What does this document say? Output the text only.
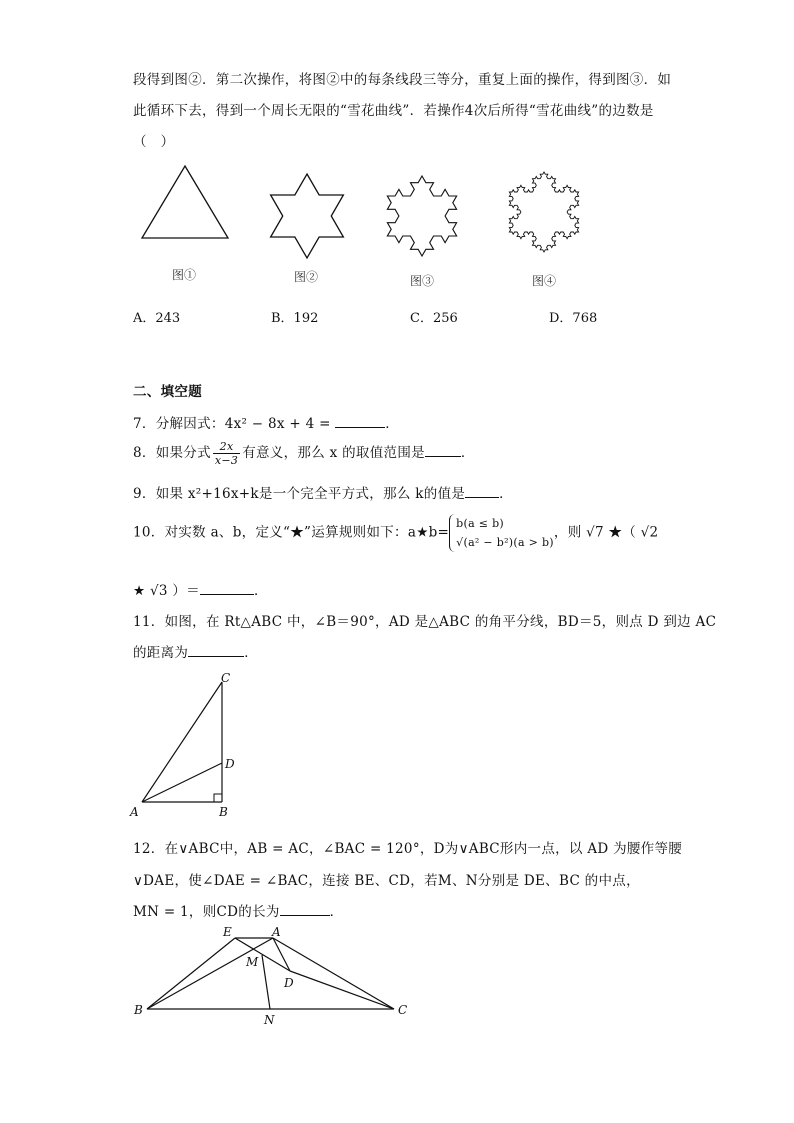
段得到图②．第二次操作，将图②中的每条线段三等分，重复上面的操作，得到图③．如
此循环下去，得到一个周长无限的“雪花曲线”．若操作4次后所得“雪花曲线”的边数是
（　）
图①	图②	图③	图④
A．243	B．192	C．256	D．768
二、填空题
7．分解因式：4x² − 8x + 4 =	．
8．如果分式 $\frac{2x}{x-3}$ 有意义，那么 x 的取值范围是	．
9．如果 x²+16x+k是一个完全平方式，那么 k的值是	．
10．对实数 a、b，定义“★”运算规则如下：a★b=
b(a ≤ b)
√(a² − b²)(a > b)
，则 √7 ★（ √2
★ √3 ）＝	．
11．如图，在 Rt△ABC 中，∠B＝90°，AD 是△ABC 的角平分线，BD＝5，则点 D 到边 AC
的距离为	．
A	B
C
D
12．在∨ABC中，AB = AC，∠BAC = 120°，D为∨ABC形内一点，以 AD 为腰作等腰
∨DAE，使∠DAE = ∠BAC，连接 BE、CD，若M、N分别是 DE、BC 的中点，
MN = 1，则CD的长为	．
E	A
M
D
B
N
C
